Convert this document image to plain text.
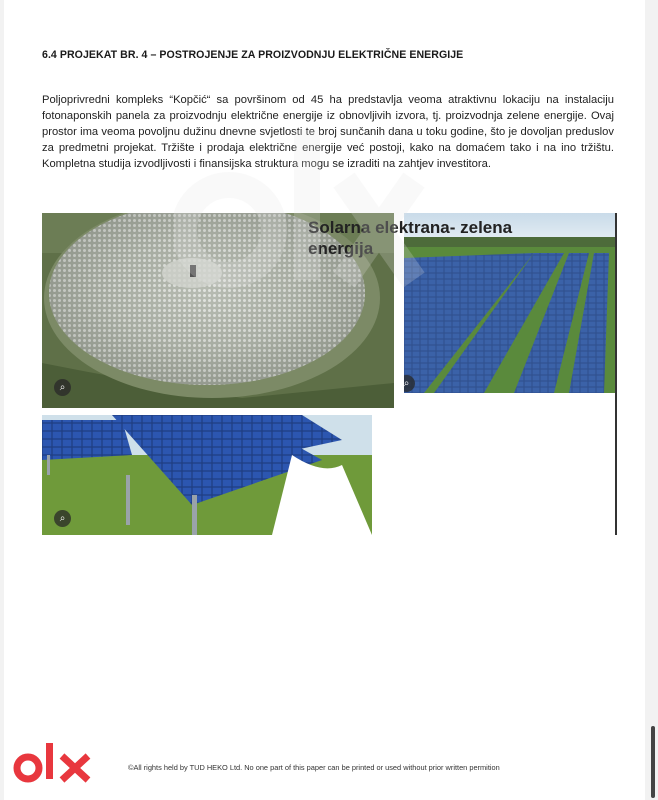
6.4 PROJEKAT BR. 4 – POSTROJENJE ZA PROIZVODNJU ELEKTRIČNE ENERGIJE
Poljoprivredni kompleks “Kopčić“ sa površinom od 45 ha predstavlja veoma atraktivnu lokaciju na instalaciju fotonaponskih panela za proizvodnju električne energije iz obnovljivih izvora, tj. proizvodnja zelene energije. Ovaj prostor ima veoma povoljnu dužinu dnevne svjetlosti te broj sunčanih dana u toku godine, što je dovoljan preduslov za predmetni projekat. Tržište i prodaja električne energije već postoji, kako na domaćem tako i na ino tržištu. Kompletna studija izvodljivosti i finansijska struktura mogu se izraditi na zahtjev investitora.
⌕	⌕
⌕
Solarna elektrana- zelena
energija
©All rights held by TUD HEKO Ltd. No one part of this paper can be printed or used without prior written permition
